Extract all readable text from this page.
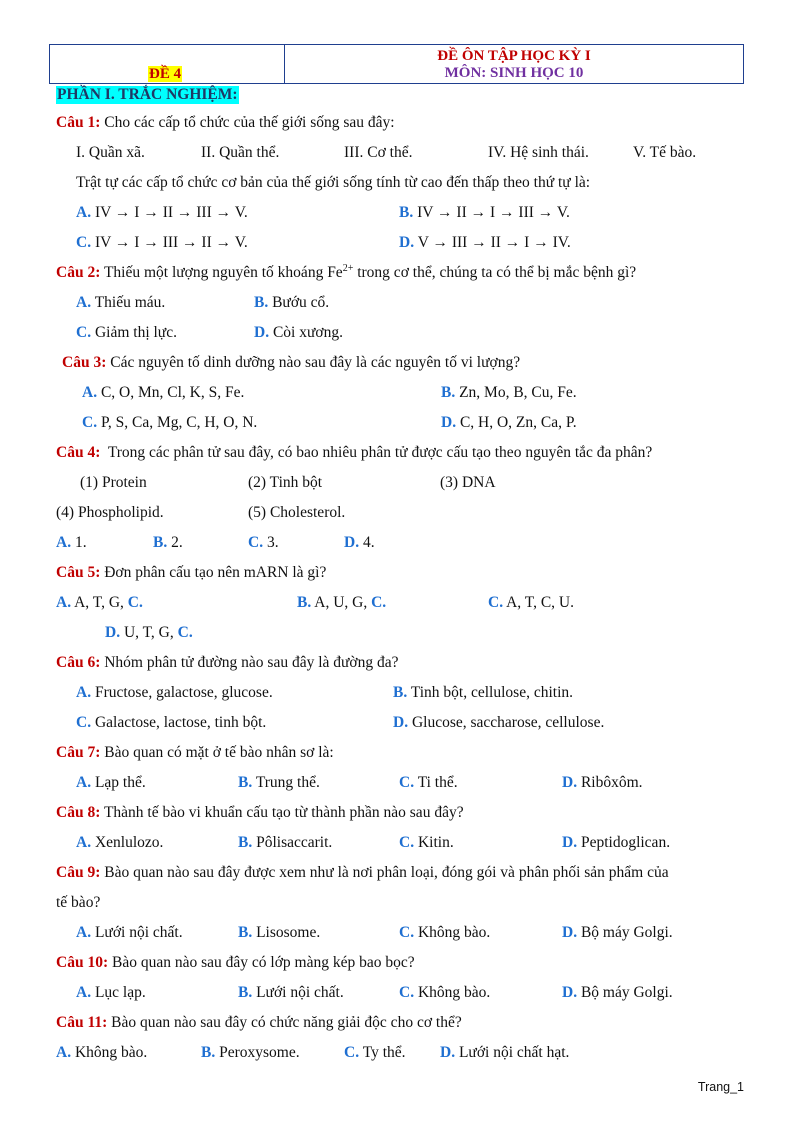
ĐỀ 4
ĐỀ ÔN TẬP HỌC KỲ I
MÔN: SINH HỌC 10
PHẦN I. TRẮC NGHIỆM:
Câu 1: Cho các cấp tổ chức của thế giới sống sau đây:
I. Quần xã.	II. Quần thể.	III. Cơ thể.	IV. Hệ sinh thái.	V. Tế bào.
Trật tự các cấp tổ chức cơ bản của thế giới sống tính từ cao đến thấp theo thứ tự là:
A. IV → I → II → III → V.	B. IV → II → I → III → V.
C. IV → I → III → II → V.	D. V → III → II → I → IV.
Câu 2: Thiếu một lượng nguyên tố khoáng $Fe^{2+}$ trong cơ thể, chúng ta có thể bị mắc bệnh gì?
A. Thiếu máu.	B. Bướu cổ.
C. Giảm thị lực.	D. Còi xương.
Câu 3: Các nguyên tố dinh dưỡng nào sau đây là các nguyên tố vi lượng?
A. C, O, Mn, Cl, K, S, Fe.	B. Zn, Mo, B, Cu, Fe.
C. P, S, Ca, Mg, C, H, O, N.	D. C, H, O, Zn, Ca, P.
Câu 4:  Trong các phân tử sau đây, có bao nhiêu phân tử được cấu tạo theo nguyên tắc đa phân?
(1) Protein	(2) Tinh bột	(3) DNA
(4) Phospholipid.	(5) Cholesterol.
A. 1.	B. 2.	C. 3.	D. 4.
Câu 5: Đơn phân cấu tạo nên mARN là gì?
A. A, T, G, C.	B. A, U, G, C.	C. A, T, C, U.
D. U, T, G, C.
Câu 6: Nhóm phân tử đường nào sau đây là đường đa?
A. Fructose, galactose, glucose.	B. Tinh bột, cellulose, chitin.
C. Galactose, lactose, tinh bột.	D. Glucose, saccharose, cellulose.
Câu 7: Bào quan có mặt ở tế bào nhân sơ là:
A. Lạp thể.	B. Trung thể.	C. Ti thể.	D. Ribôxôm.
Câu 8: Thành tế bào vi khuẩn cấu tạo từ thành phần nào sau đây?
A. Xenlulozo.	B. Pôlisaccarit.	C. Kitin.	D. Peptidoglican.
Câu 9: Bào quan nào sau đây được xem như là nơi phân loại, đóng gói và phân phối sản phẩm của
tế bào?
A. Lưới nội chất.	B. Lisosome.	C. Không bào.	D. Bộ máy Golgi.
Câu 10: Bào quan nào sau đây có lớp màng kép bao bọc?
A. Lục lạp.	B. Lưới nội chất.	C. Không bào.	D. Bộ máy Golgi.
Câu 11: Bào quan nào sau đây có chức năng giải độc cho cơ thể?
A. Không bào.	B. Peroxysome.	C. Ty thể. D. Lưới nội chất hạt.
Trang_1
